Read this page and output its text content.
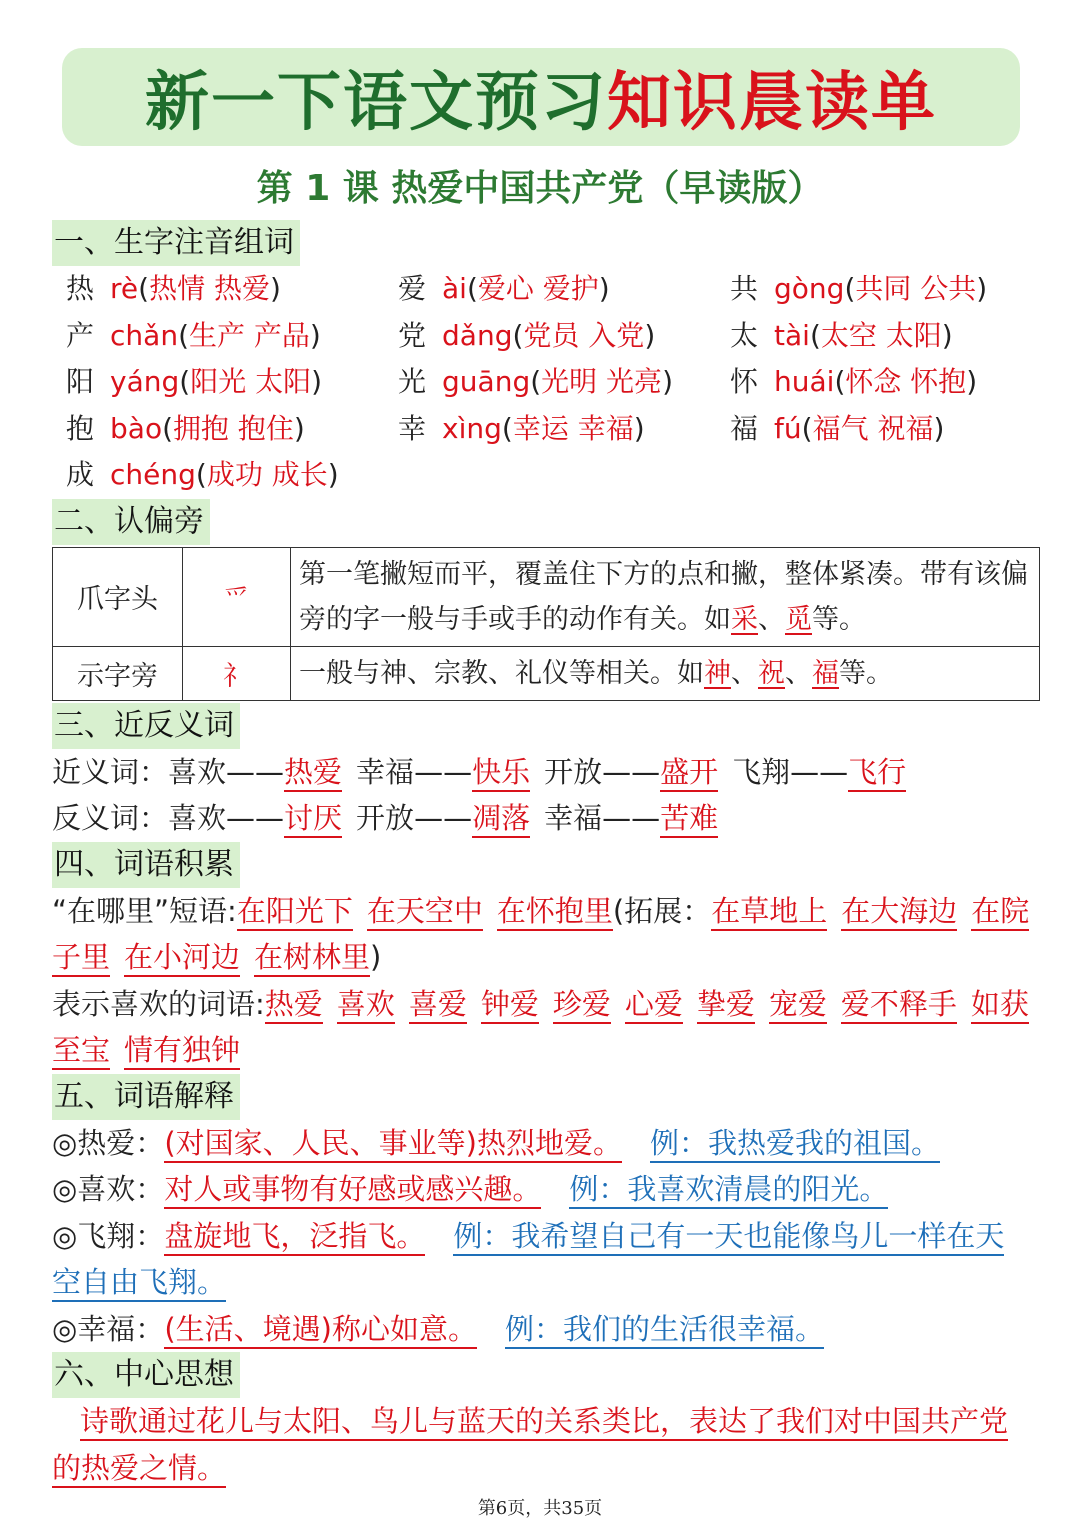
新一下语文预习知识晨读单
第 1 课 热爱中国共产党（早读版）
一、生字注音组词
热 rè(热情 热爱)	爱 ài(爱心 爱护)	共 gòng(共同 公共)
产 chǎn(生产 产品)	党 dǎng(党员 入党)	太 tài(太空 太阳)
阳 yáng(阳光 太阳)	光 guāng(光明 光亮)	怀 huái(怀念 怀抱)
抱 bào(拥抱 抱住)	幸 xìng(幸运 幸福)	福 fú(福气 祝福)
成 chéng(成功 成长)
二、认偏旁
爪字头	爫	第一笔撇短而平，覆盖住下方的点和撇，整体紧凑。带有该偏旁的字一般与手或手的动作有关。如采、觅等。
示字旁	礻	一般与神、宗教、礼仪等相关。如神、祝、福等。
三、近反义词
近义词：喜欢——热爱 幸福——快乐 开放——盛开 飞翔——飞行
反义词：喜欢——讨厌 开放——凋落 幸福——苦难
四、词语积累
“在哪里”短语:在阳光下 在天空中 在怀抱里(拓展：在草地上 在大海边 在院子里 在小河边 在树林里)
表示喜欢的词语:热爱 喜欢 喜爱 钟爱 珍爱 心爱 挚爱 宠爱 爱不释手 如获至宝 情有独钟
五、词语解释
◎热爱：(对国家、人民、事业等)热烈地爱。 例：我热爱我的祖国。
◎喜欢：对人或事物有好感或感兴趣。 例：我喜欢清晨的阳光。
◎飞翔：盘旋地飞，泛指飞。 例：我希望自己有一天也能像鸟儿一样在天空自由飞翔。
◎幸福：(生活、境遇)称心如意。 例：我们的生活很幸福。
六、中心思想
诗歌通过花儿与太阳、鸟儿与蓝天的关系类比，表达了我们对中国共产党的热爱之情。
第6页，共35页
